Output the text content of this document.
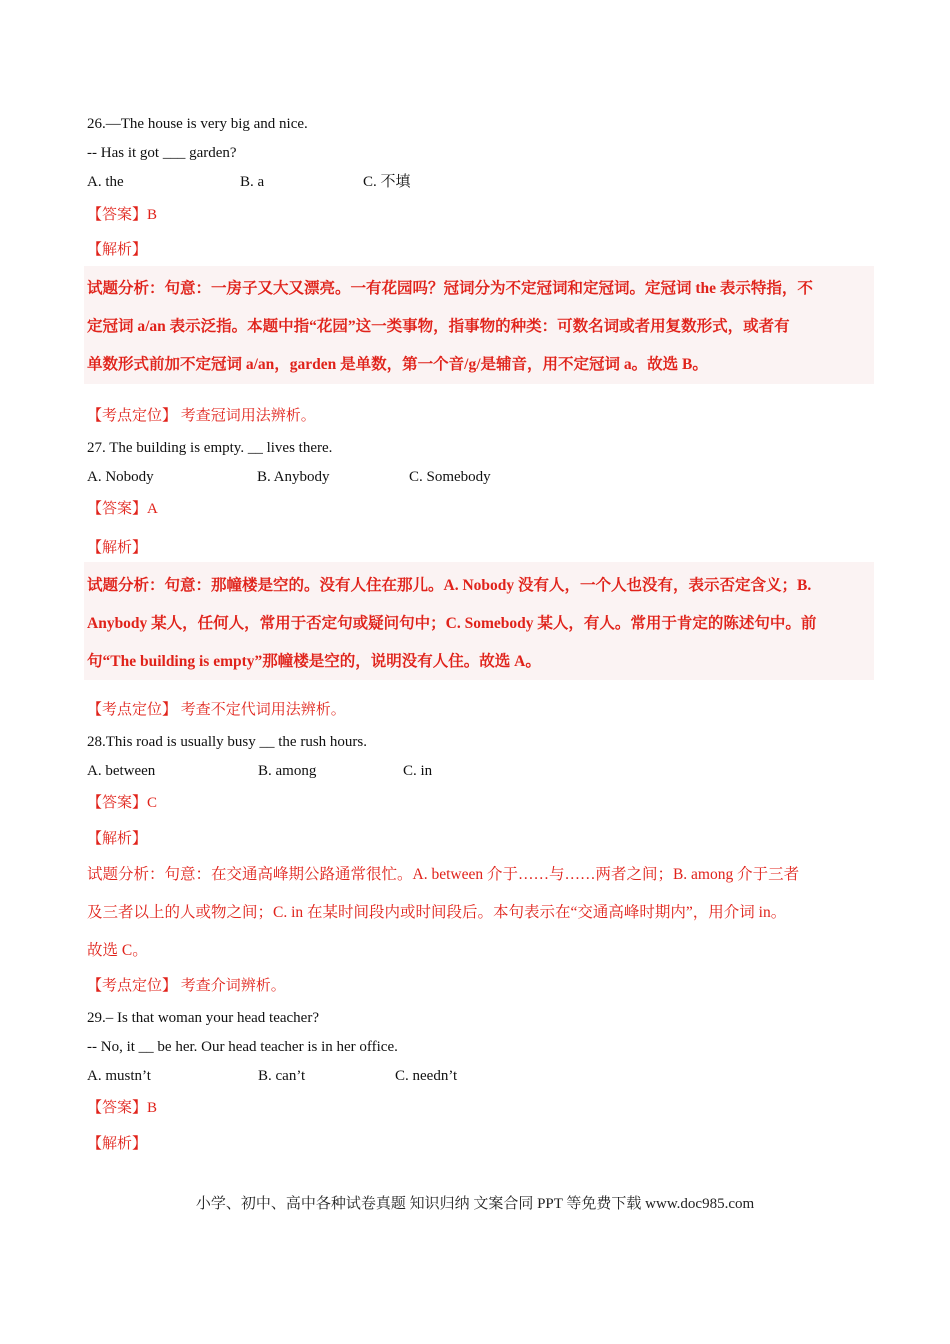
26.—The house is very big and nice.
-- Has it got ___ garden?
A. the	B. a	C. 不填
【答案】B
【解析】
试题分析：句意：一房子又大又漂亮。一有花园吗？冠词分为不定冠词和定冠词。定冠词 the 表示特指，不
定冠词 a/an 表示泛指。本题中指“花园”这一类事物，指事物的种类：可数名词或者用复数形式，或者有
单数形式前加不定冠词 a/an，garden 是单数，第一个音/g/是辅音，用不定冠词 a。故选 B。
【考点定位】 考查冠词用法辨析。
27. The building is empty. __ lives there.
A. Nobody	B. Anybody	C. Somebody
【答案】A
【解析】
试题分析：句意：那幢楼是空的。没有人住在那儿。A. Nobody 没有人，一个人也没有，表示否定含义；B.
Anybody 某人，任何人，常用于否定句或疑问句中；C. Somebody 某人，有人。常用于肯定的陈述句中。前
句“The building is empty”那幢楼是空的，说明没有人住。故选 A。
【考点定位】 考查不定代词用法辨析。
28.This road is usually busy __ the rush hours.
A. between	B. among	C. in
【答案】C
【解析】
试题分析：句意：在交通高峰期公路通常很忙。A. between 介于……与……两者之间；B. among 介于三者
及三者以上的人或物之间；C. in 在某时间段内或时间段后。本句表示在“交通高峰时期内”，用介词 in。
故选 C。
【考点定位】 考查介词辨析。
29.– Is that woman your head teacher?
-- No, it __ be her. Our head teacher is in her office.
A. mustn’t	B. can’t	C. needn’t
【答案】B
【解析】
小学、初中、高中各种试卷真题 知识归纳 文案合同 PPT 等免费下载 www.doc985.com
